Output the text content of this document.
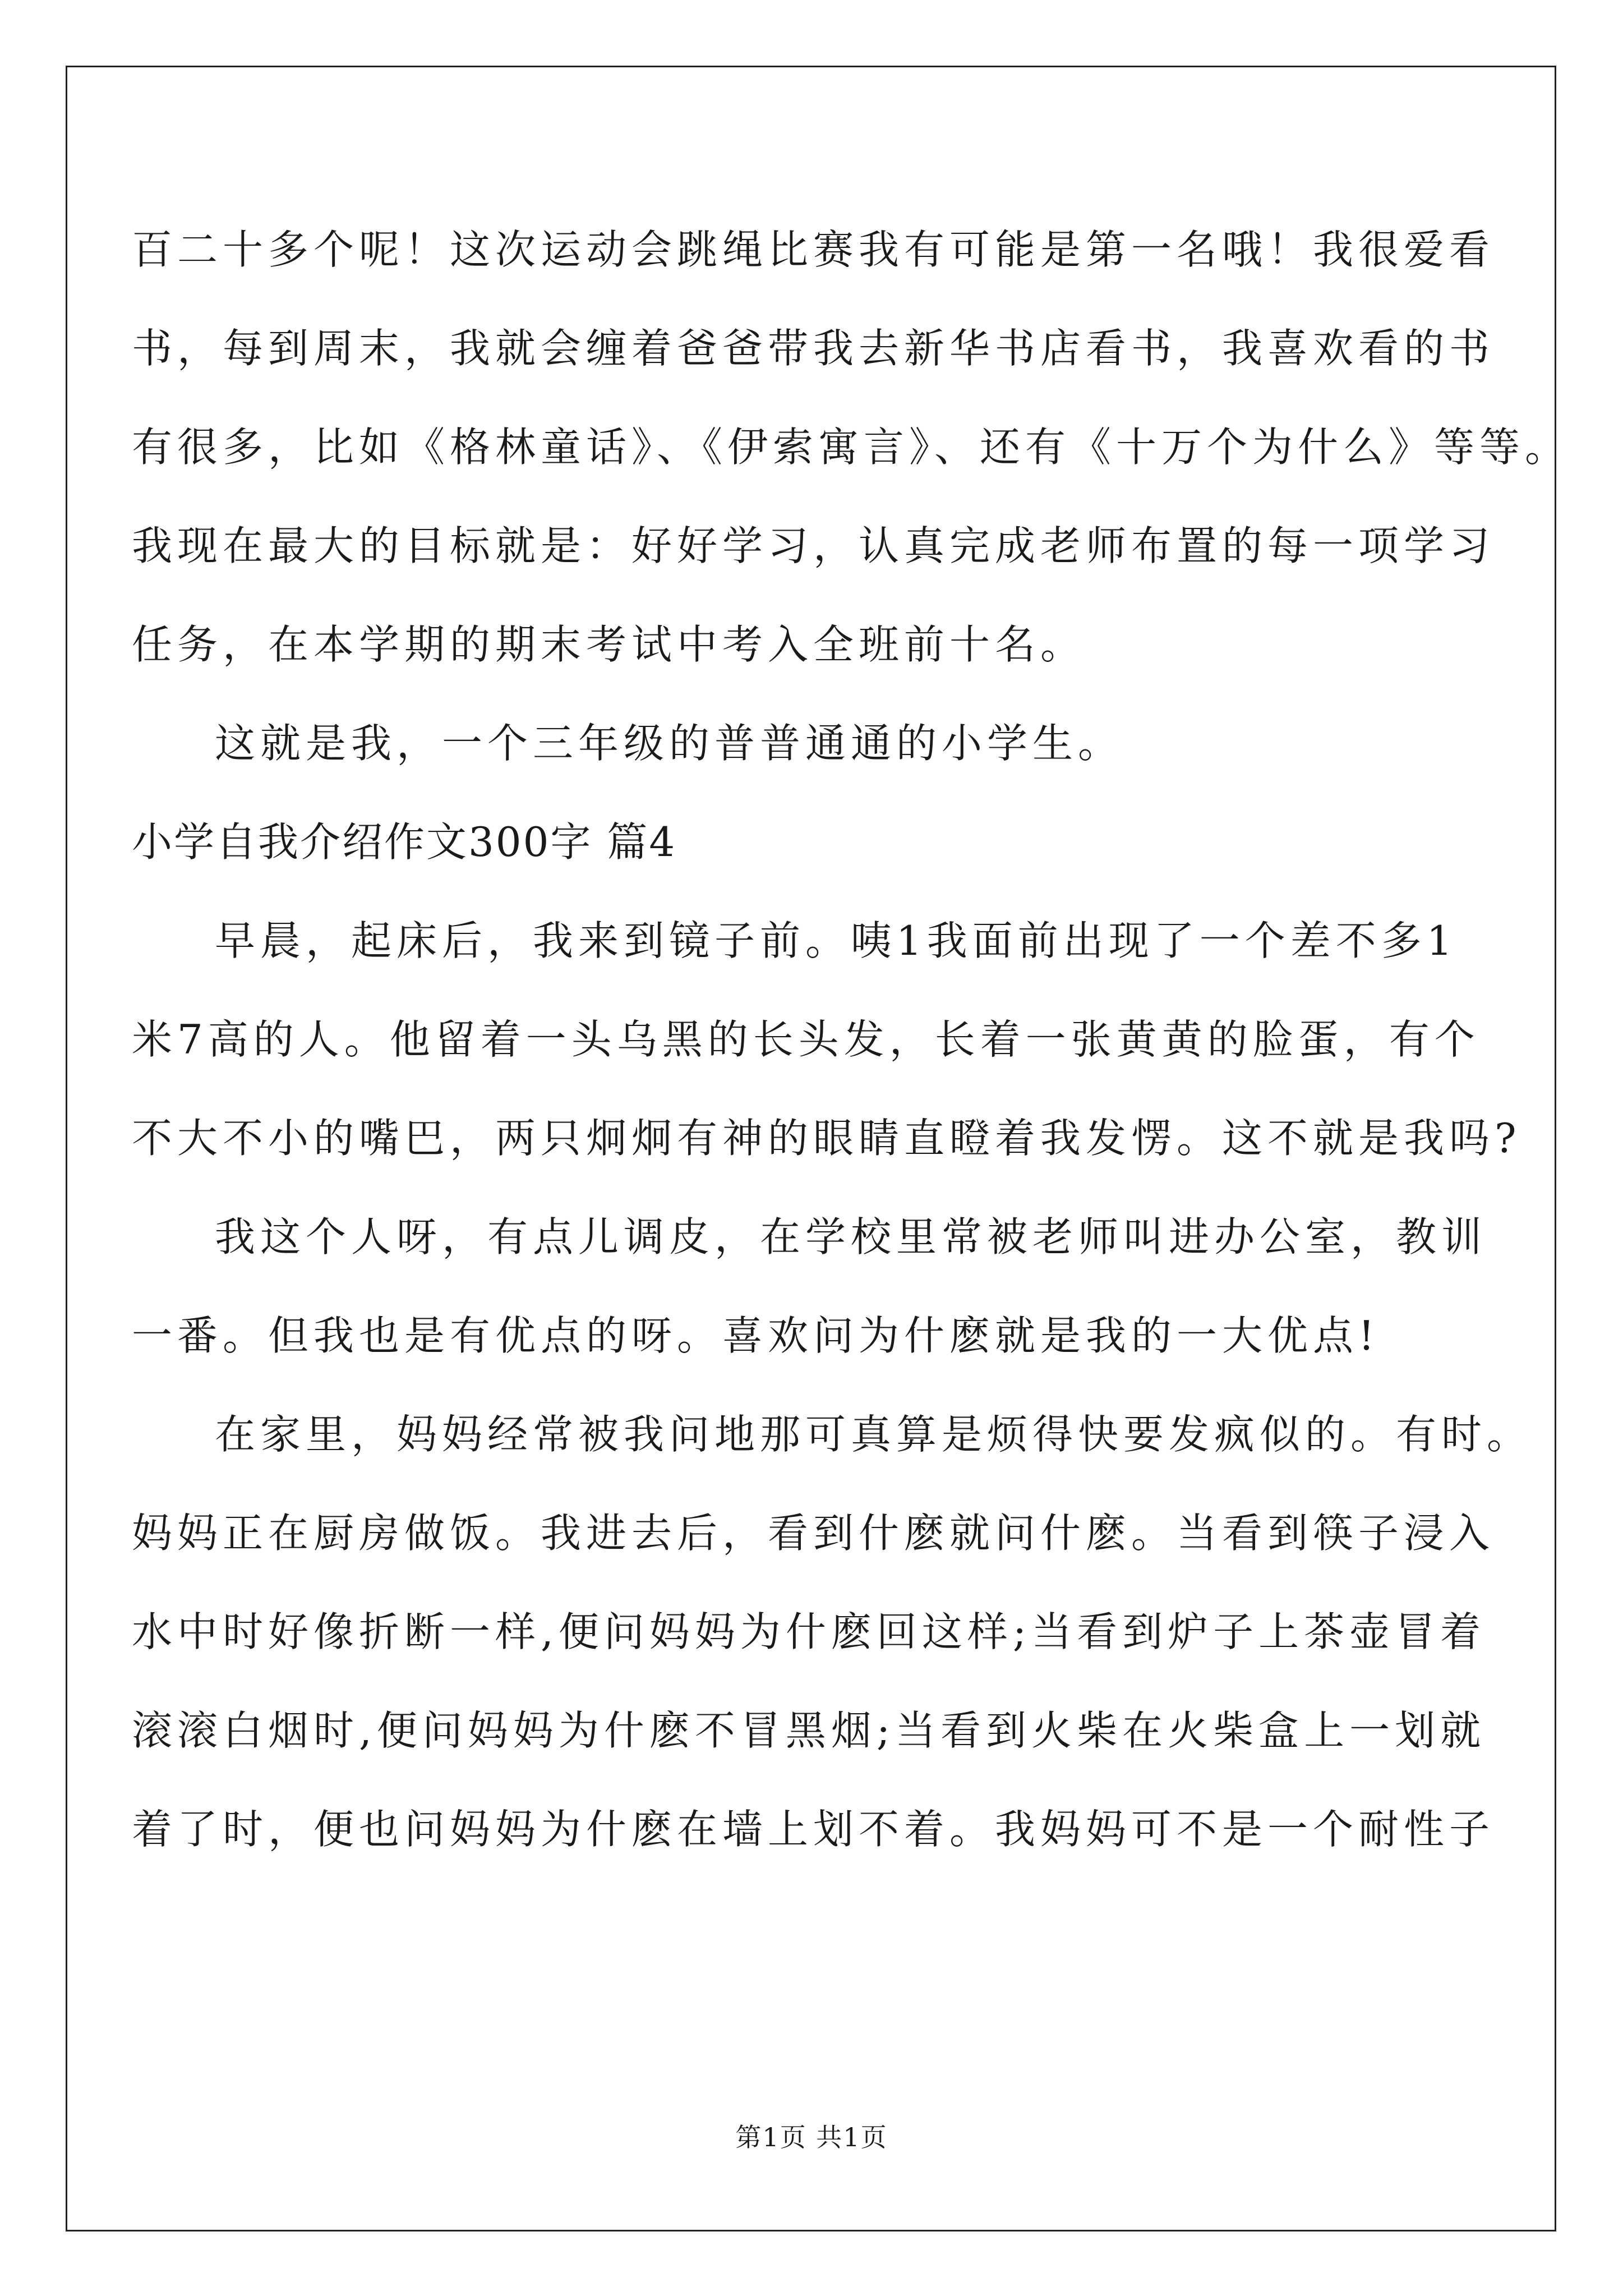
百二十多个呢！这次运动会跳绳比赛我有可能是第一名哦！我很爱看
书，每到周末，我就会缠着爸爸带我去新华书店看书，我喜欢看的书
有很多，比如《格林童话》、《伊索寓言》、还有《十万个为什么》等等。
我现在最大的目标就是：好好学习，认真完成老师布置的每一项学习
任务，在本学期的期末考试中考入全班前十名。
这就是我，一个三年级的普普通通的小学生。
小学自我介绍作文300字 篇4
早晨，起床后，我来到镜子前。咦1我面前出现了一个差不多1
米7高的人。他留着一头乌黑的长头发，长着一张黄黄的脸蛋，有个
不大不小的嘴巴，两只炯炯有神的眼睛直瞪着我发愣。这不就是我吗?
我这个人呀，有点儿调皮，在学校里常被老师叫进办公室，教训
一番。但我也是有优点的呀。喜欢问为什麽就是我的一大优点!
在家里，妈妈经常被我问地那可真算是烦得快要发疯似的。有时。
妈妈正在厨房做饭。我进去后，看到什麽就问什麽。当看到筷子浸入
水中时好像折断一样,便问妈妈为什麽回这样;当看到炉子上茶壶冒着
滚滚白烟时,便问妈妈为什麽不冒黑烟;当看到火柴在火柴盒上一划就
着了时，便也问妈妈为什麽在墙上划不着。我妈妈可不是一个耐性子
第1页 共1页
